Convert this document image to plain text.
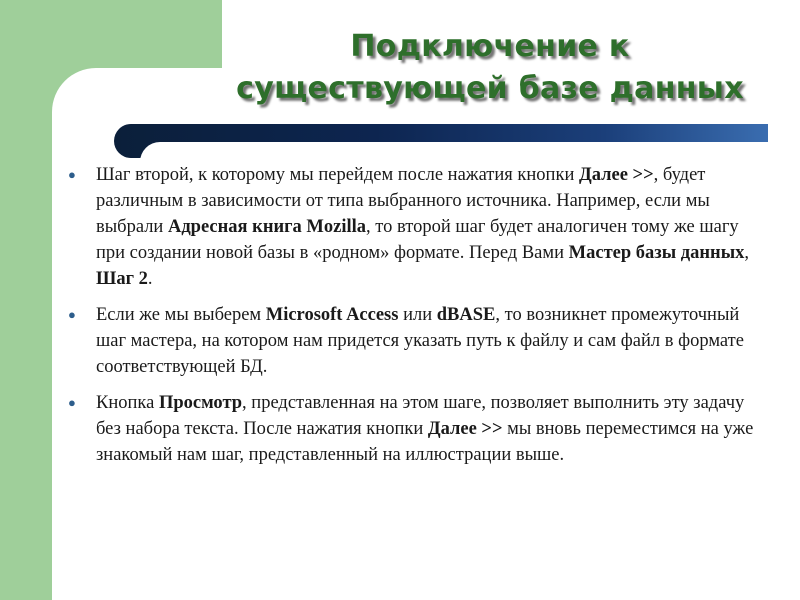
Подключение к
существующей базе данных
● Шаг второй, к которому мы перейдем после нажатия кнопки Далее >>, будет различным в зависимости от типа выбранного источника. Например, если мы выбрали Адресная книга Mozilla, то второй шаг будет аналогичен тому же шагу при создании новой базы в «родном» формате. Перед Вами Мастер базы данных, Шаг 2.
● Если же мы выберем Microsoft Access или dBASE, то возникнет промежуточный шаг мастера, на котором нам придется указать путь к файлу и сам файл в формате соответствующей БД.
● Кнопка Просмотр, представленная на этом шаге, позволяет выполнить эту задачу без набора текста. После нажатия кнопки Далее >> мы вновь переместимся на уже знакомый нам шаг, представленный на иллюстрации выше.
